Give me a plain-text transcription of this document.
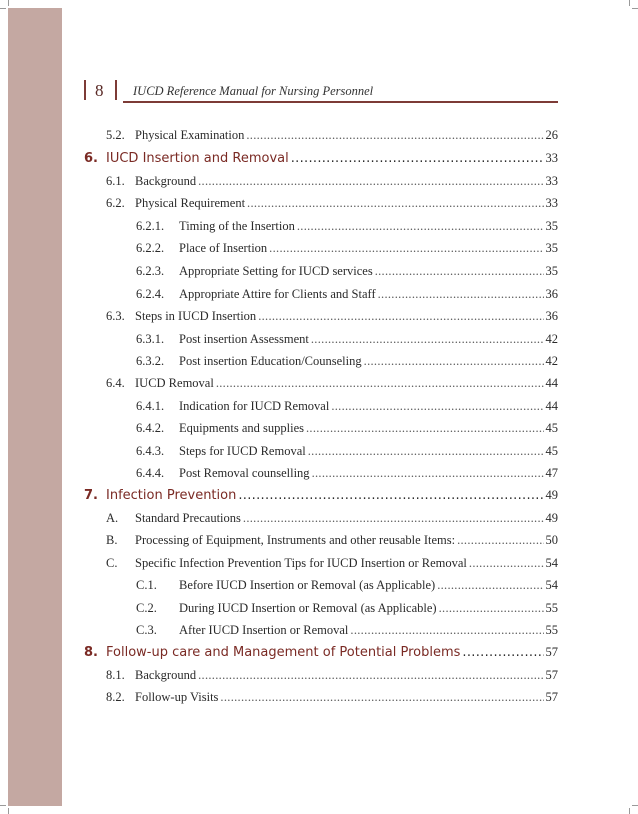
8 IUCD Reference Manual for Nursing Personnel
5.2. Physical Examination .....	26
6. IUCD Insertion and Removal .....	33
6.1. Background .....	33
6.2. Physical Requirement .....	33
6.2.1.	Timing of the Insertion .....	35
6.2.2.	Place of Insertion .....	35
6.2.3.	Appropriate Setting for IUCD services .....	35
6.2.4.	Appropriate Attire for Clients and Staff .....	36
6.3. Steps in IUCD Insertion .....	36
6.3.1.	Post insertion Assessment .....	42
6.3.2.	Post insertion Education/Counseling .....	42
6.4. IUCD Removal .....	44
6.4.1.	Indication for IUCD Removal .....	44
6.4.2.	Equipments and supplies .....	45
6.4.3.	Steps for IUCD Removal .....	45
6.4.4.	Post Removal counselling .....	47
7. Infection Prevention .....	49
A.	Standard Precautions .....	49
B.	Processing of Equipment, Instruments and other reusable Items: .....	50
C.	Specific Infection Prevention Tips for IUCD Insertion or Removal .....	54
C.1.	Before IUCD Insertion or Removal (as Applicable) .....	54
C.2.	During IUCD Insertion or Removal (as Applicable) .....	55
C.3.	After IUCD Insertion or Removal .....	55
8. Follow-up care and Management of Potential Problems .....	57
8.1. Background .....	57
8.2. Follow-up Visits .....	57
